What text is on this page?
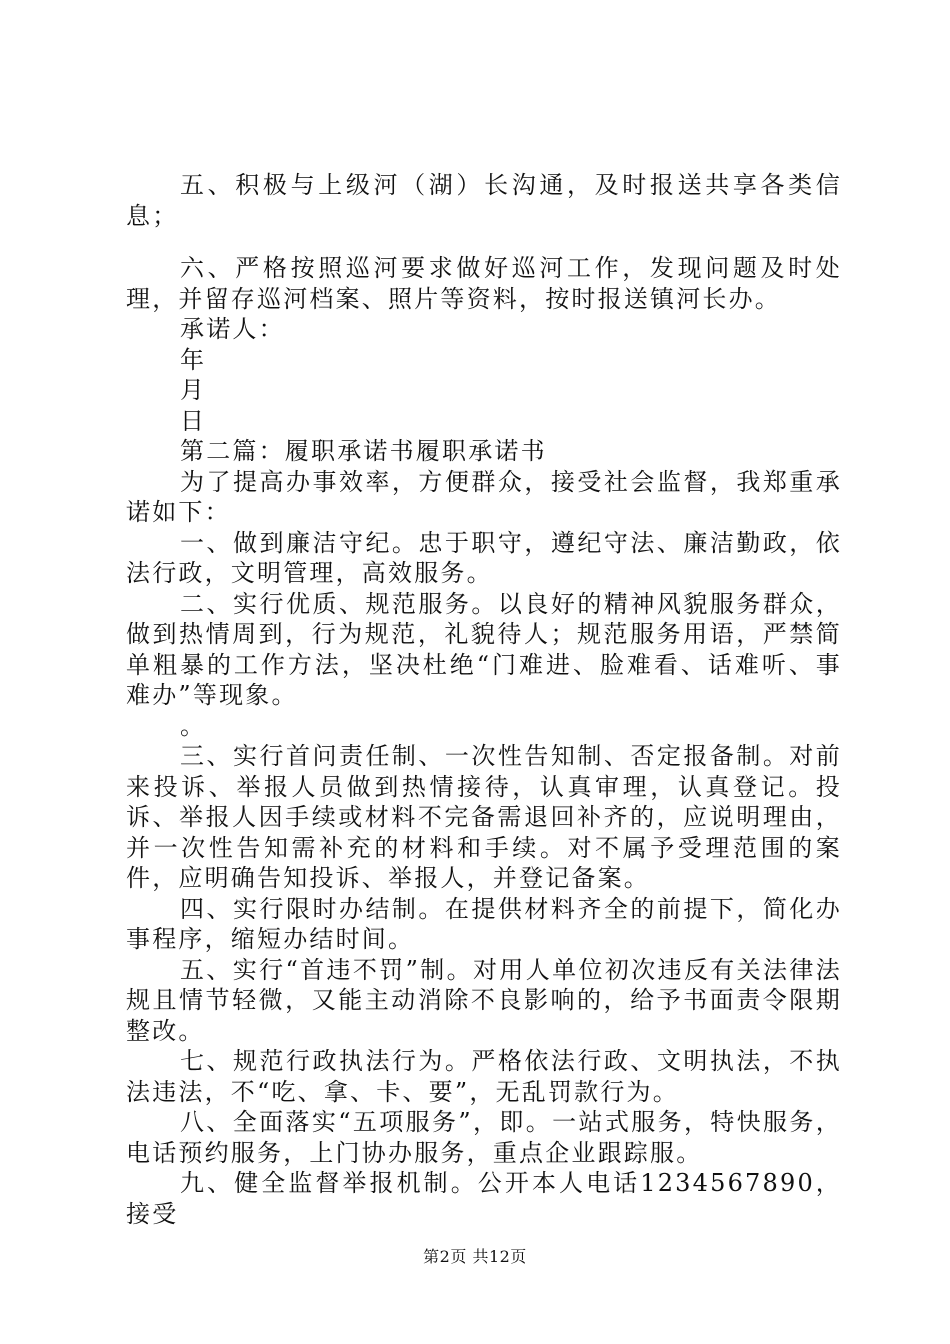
五、积极与上级河（湖）长沟通，及时报送共享各类信息；

六、严格按照巡河要求做好巡河工作，发现问题及时处理，并留存巡河档案、照片等资料，按时报送镇河长办。

承诺人：

年

月

日

第二篇：履职承诺书履职承诺书

为了提高办事效率，方便群众，接受社会监督，我郑重承诺如下：

一、做到廉洁守纪。忠于职守，遵纪守法、廉洁勤政，依法行政，文明管理，高效服务。

二、实行优质、规范服务。以良好的精神风貌服务群众，做到热情周到，行为规范，礼貌待人；规范服务用语，严禁简单粗暴的工作方法，坚决杜绝“门难进、脸难看、话难听、事难办”等现象。

。

三、实行首问责任制、一次性告知制、否定报备制。对前来投诉、举报人员做到热情接待，认真审理，认真登记。投诉、举报人因手续或材料不完备需退回补齐的，应说明理由，并一次性告知需补充的材料和手续。对不属予受理范围的案件，应明确告知投诉、举报人，并登记备案。

四、实行限时办结制。在提供材料齐全的前提下，简化办事程序，缩短办结时间。

五、实行“首违不罚”制。对用人单位初次违反有关法律法规且情节轻微，又能主动消除不良影响的，给予书面责令限期整改。

七、规范行政执法行为。严格依法行政、文明执法，不执法违法，不“吃、拿、卡、要”，无乱罚款行为。

八、全面落实“五项服务”，即。一站式服务，特快服务，电话预约服务，上门协办服务，重点企业跟踪服。

九、健全监督举报机制。公开本人电话1234567890，接受

第2页 共12页
